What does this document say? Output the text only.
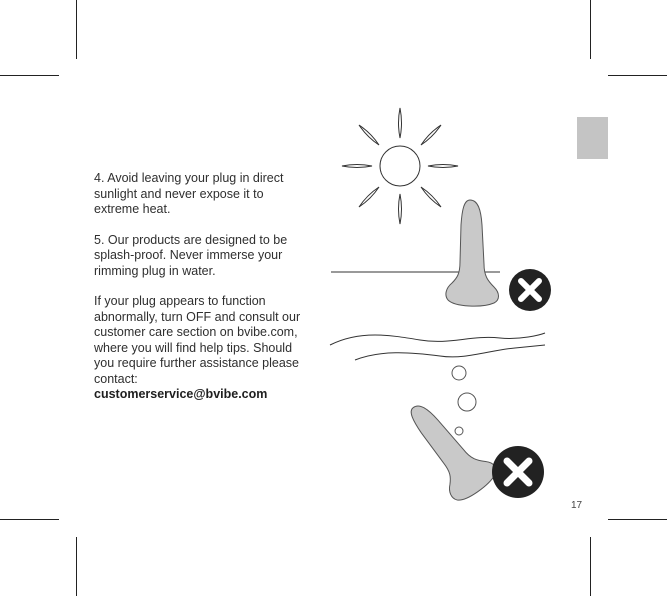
4. Avoid leaving your plug in direct sunlight and never expose it to extreme heat.

5. Our products are designed to be splash-proof. Never immerse your rimming plug in water.

If your plug appears to function abnormally, turn OFF and consult our customer care section on bvibe.com, where you will find help tips. Should you require further assistance please contact:
customerservice@bvibe.com

17
